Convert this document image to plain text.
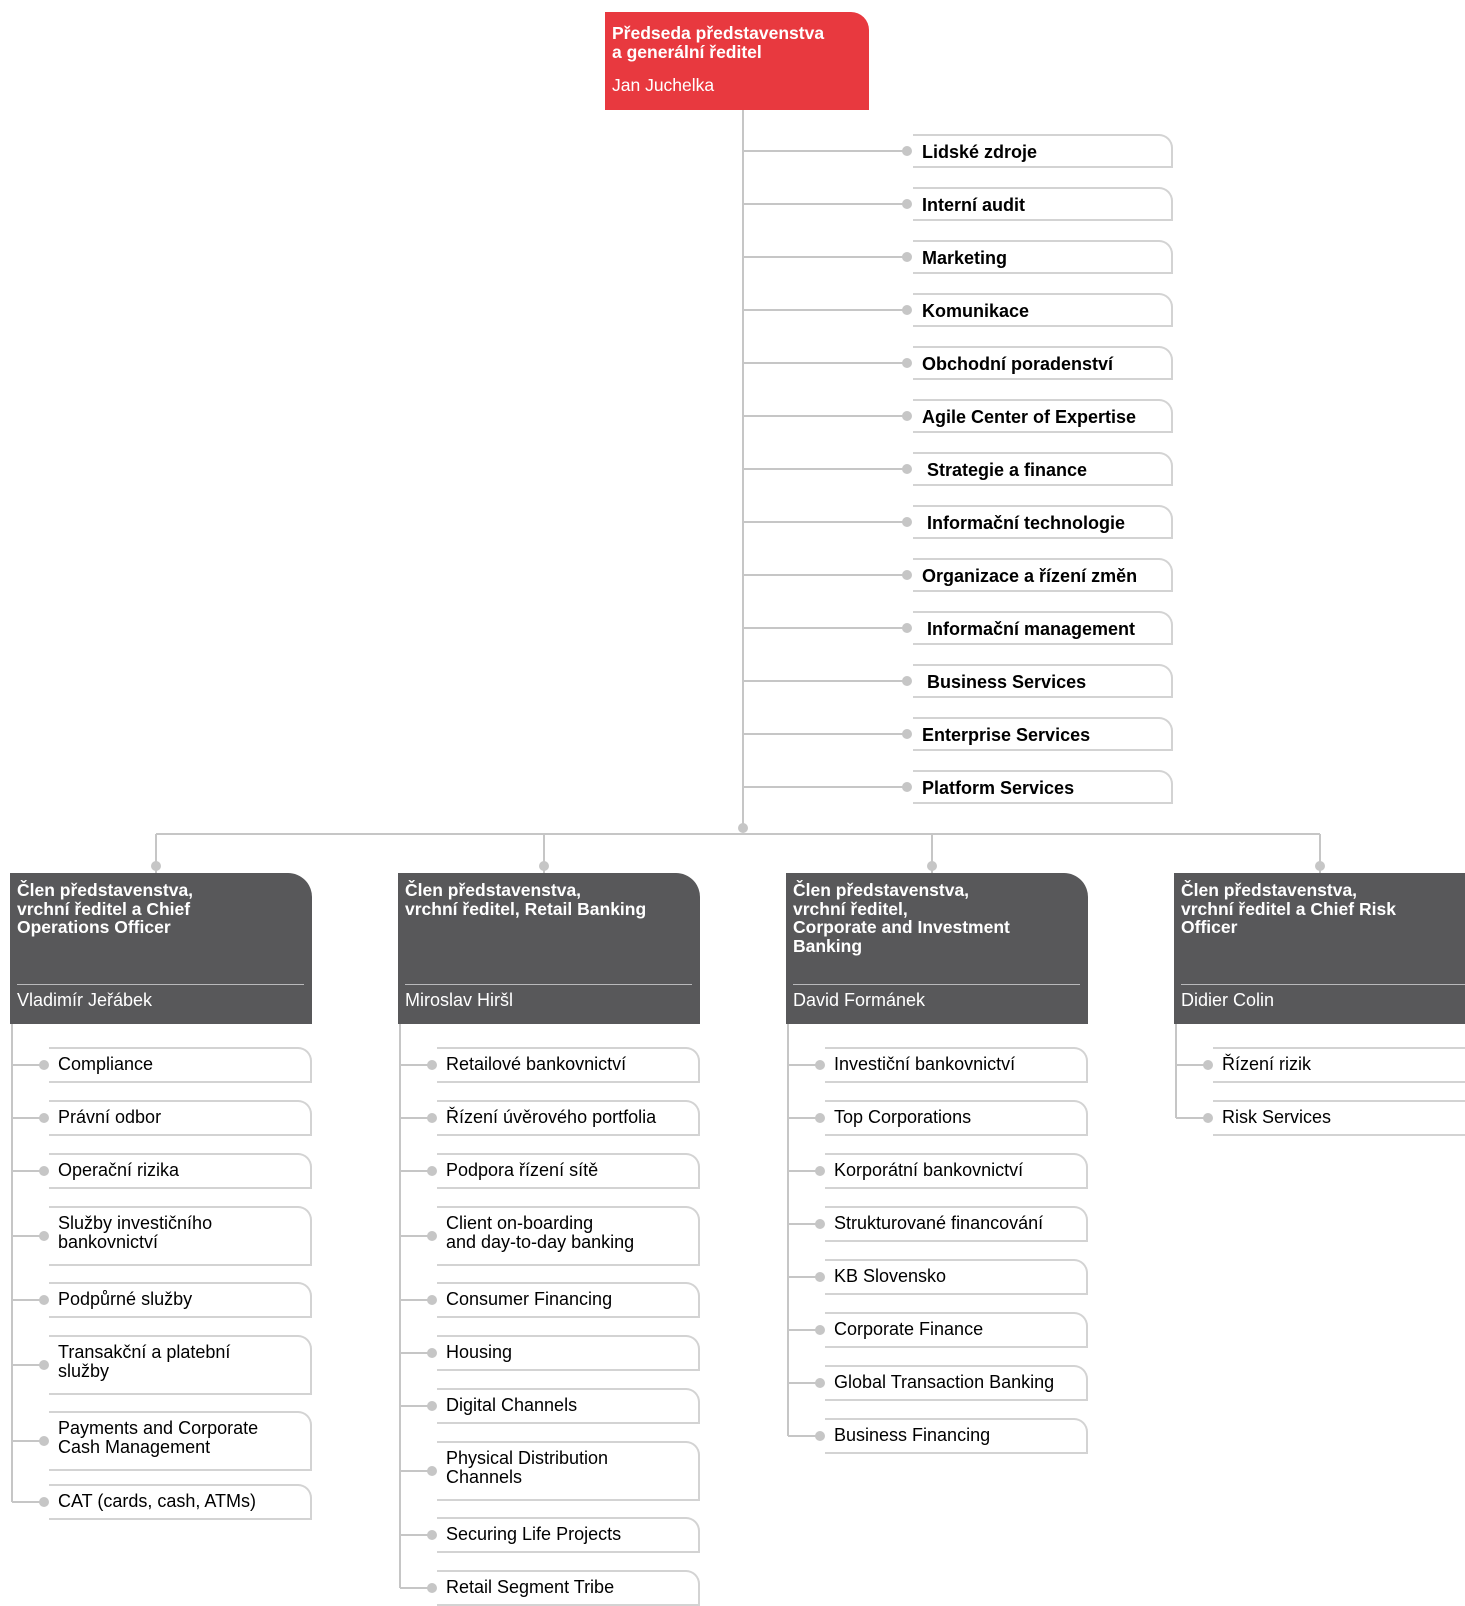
Předseda představenstva
a generální ředitel
Jan Juchelka
Lidské zdroje
Interní audit
Marketing
Komunikace
Obchodní poradenství
Agile Center of Expertise
Strategie a finance
Informační technologie
Organizace a řízení změn
Informační management
Business Services
Enterprise Services
Platform Services
Člen představenstva,
vrchní ředitel a Chief
Operations Officer
Vladimír Jeřábek
Compliance
Právní odbor
Operační rizika
Služby investičního
bankovnictví
Podpůrné služby
Transakční a platební
služby
Payments and Corporate
Cash Management
CAT (cards, cash, ATMs)
Člen představenstva,
vrchní ředitel, Retail Banking
Miroslav Hiršl
Retailové bankovnictví
Řízení úvěrového portfolia
Podpora řízení sítě
Client on-boarding
and day-to-day banking
Consumer Financing
Housing
Digital Channels
Physical Distribution
Channels
Securing Life Projects
Retail Segment Tribe
Člen představenstva,
vrchní ředitel,
Corporate and Investment
Banking
David Formánek
Investiční bankovnictví
Top Corporations
Korporátní bankovnictví
Strukturované financování
KB Slovensko
Corporate Finance
Global Transaction Banking
Business Financing
Člen představenstva,
vrchní ředitel a Chief Risk
Officer
Didier Colin
Řízení rizik
Risk Services
